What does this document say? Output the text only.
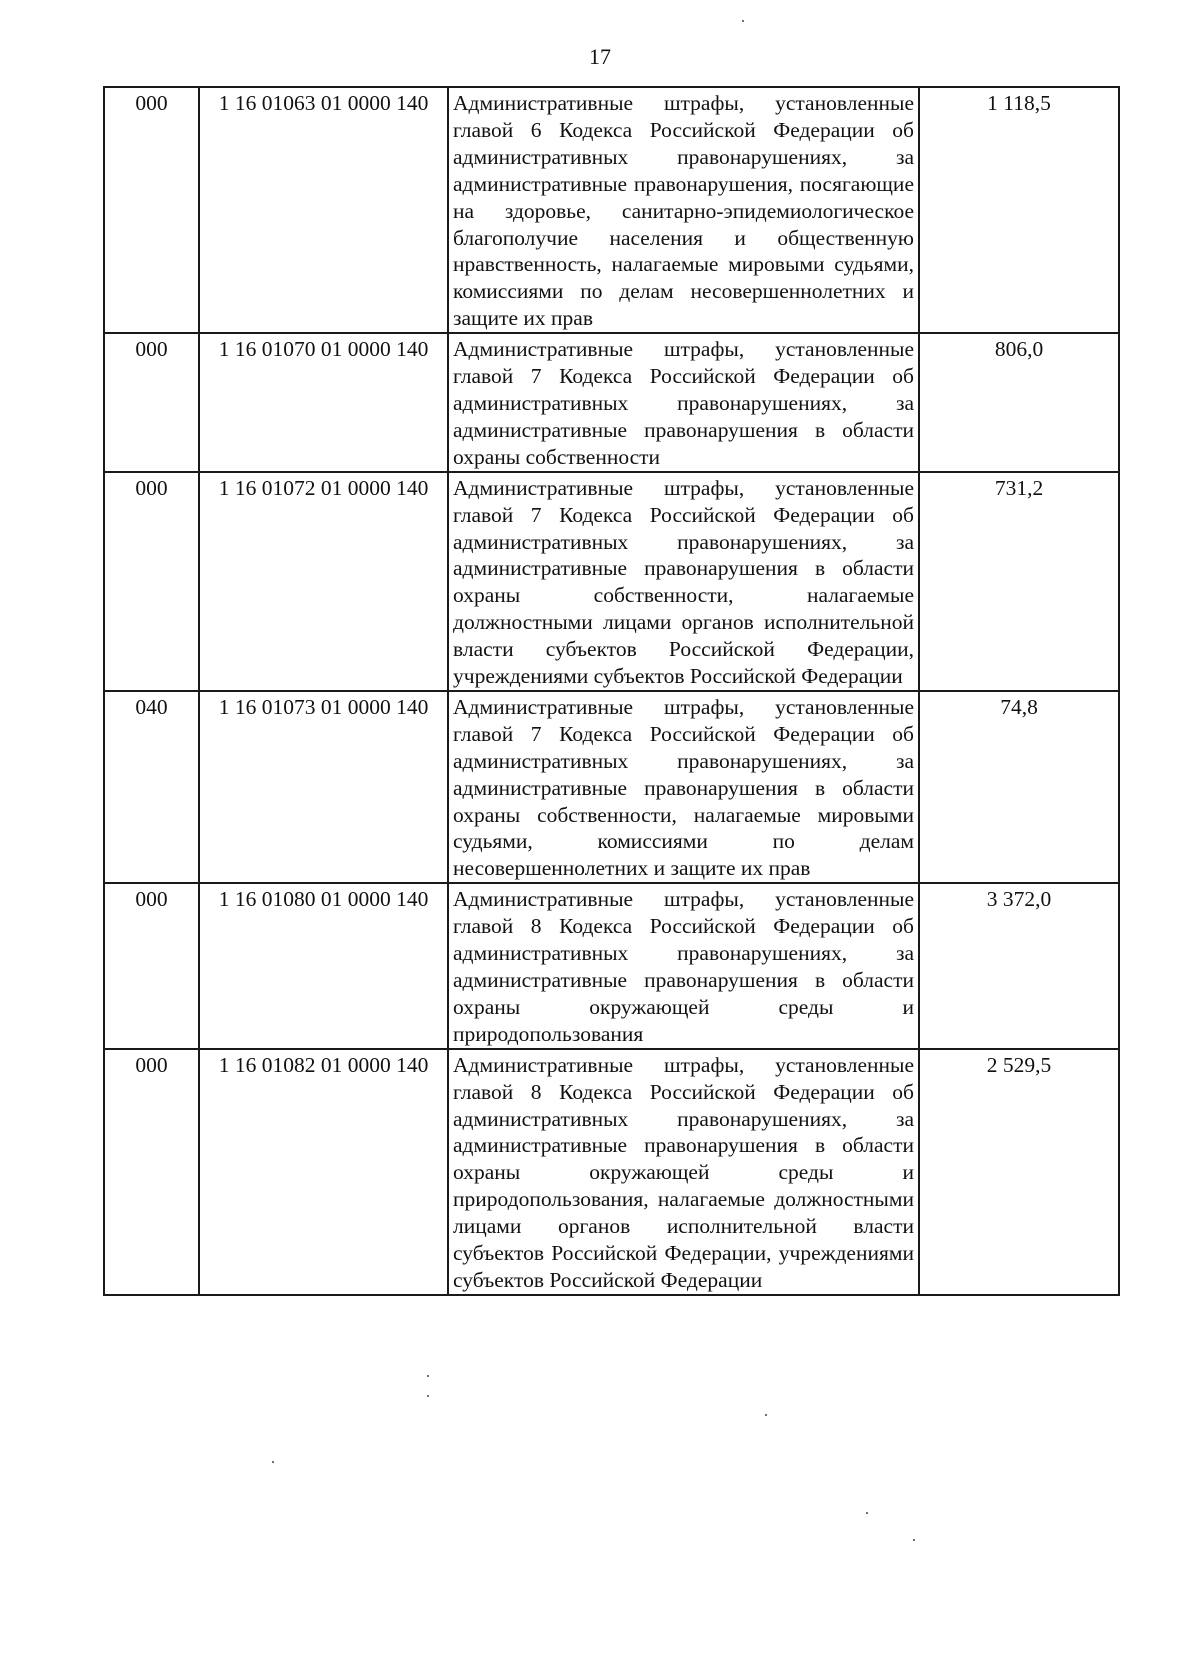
17
000	1 16 01063 01 0000 140	Административные штрафы, установленные главой 6 Кодекса Российской Федерации об административных правонарушениях, за административные правонарушения, посягающие на здоровье, санитарно-эпидемиологическое благополучие населения и общественную нравственность, налагаемые мировыми судьями, комиссиями по делам несовершеннолетних и защите их прав	1 118,5
000	1 16 01070 01 0000 140	Административные штрафы, установленные главой 7 Кодекса Российской Федерации об административных правонарушениях, за административные правонарушения в области охраны собственности	806,0
000	1 16 01072 01 0000 140	Административные штрафы, установленные главой 7 Кодекса Российской Федерации об административных правонарушениях, за административные правонарушения в области охраны собственности, налагаемые должностными лицами органов исполнительной власти субъектов Российской Федерации, учреждениями субъектов Российской Федерации	731,2
040	1 16 01073 01 0000 140	Административные штрафы, установленные главой 7 Кодекса Российской Федерации об административных правонарушениях, за административные правонарушения в области охраны собственности, налагаемые мировыми судьями, комиссиями по делам несовершеннолетних и защите их прав	74,8
000	1 16 01080 01 0000 140	Административные штрафы, установленные главой 8 Кодекса Российской Федерации об административных правонарушениях, за административные правонарушения в области охраны окружающей среды и природопользования	3 372,0
000	1 16 01082 01 0000 140	Административные штрафы, установленные главой 8 Кодекса Российской Федерации об административных правонарушениях, за административные правонарушения в области охраны окружающей среды и природопользования, налагаемые должностными лицами органов исполнительной власти субъектов Российской Федерации, учреждениями субъектов Российской Федерации	2 529,5
